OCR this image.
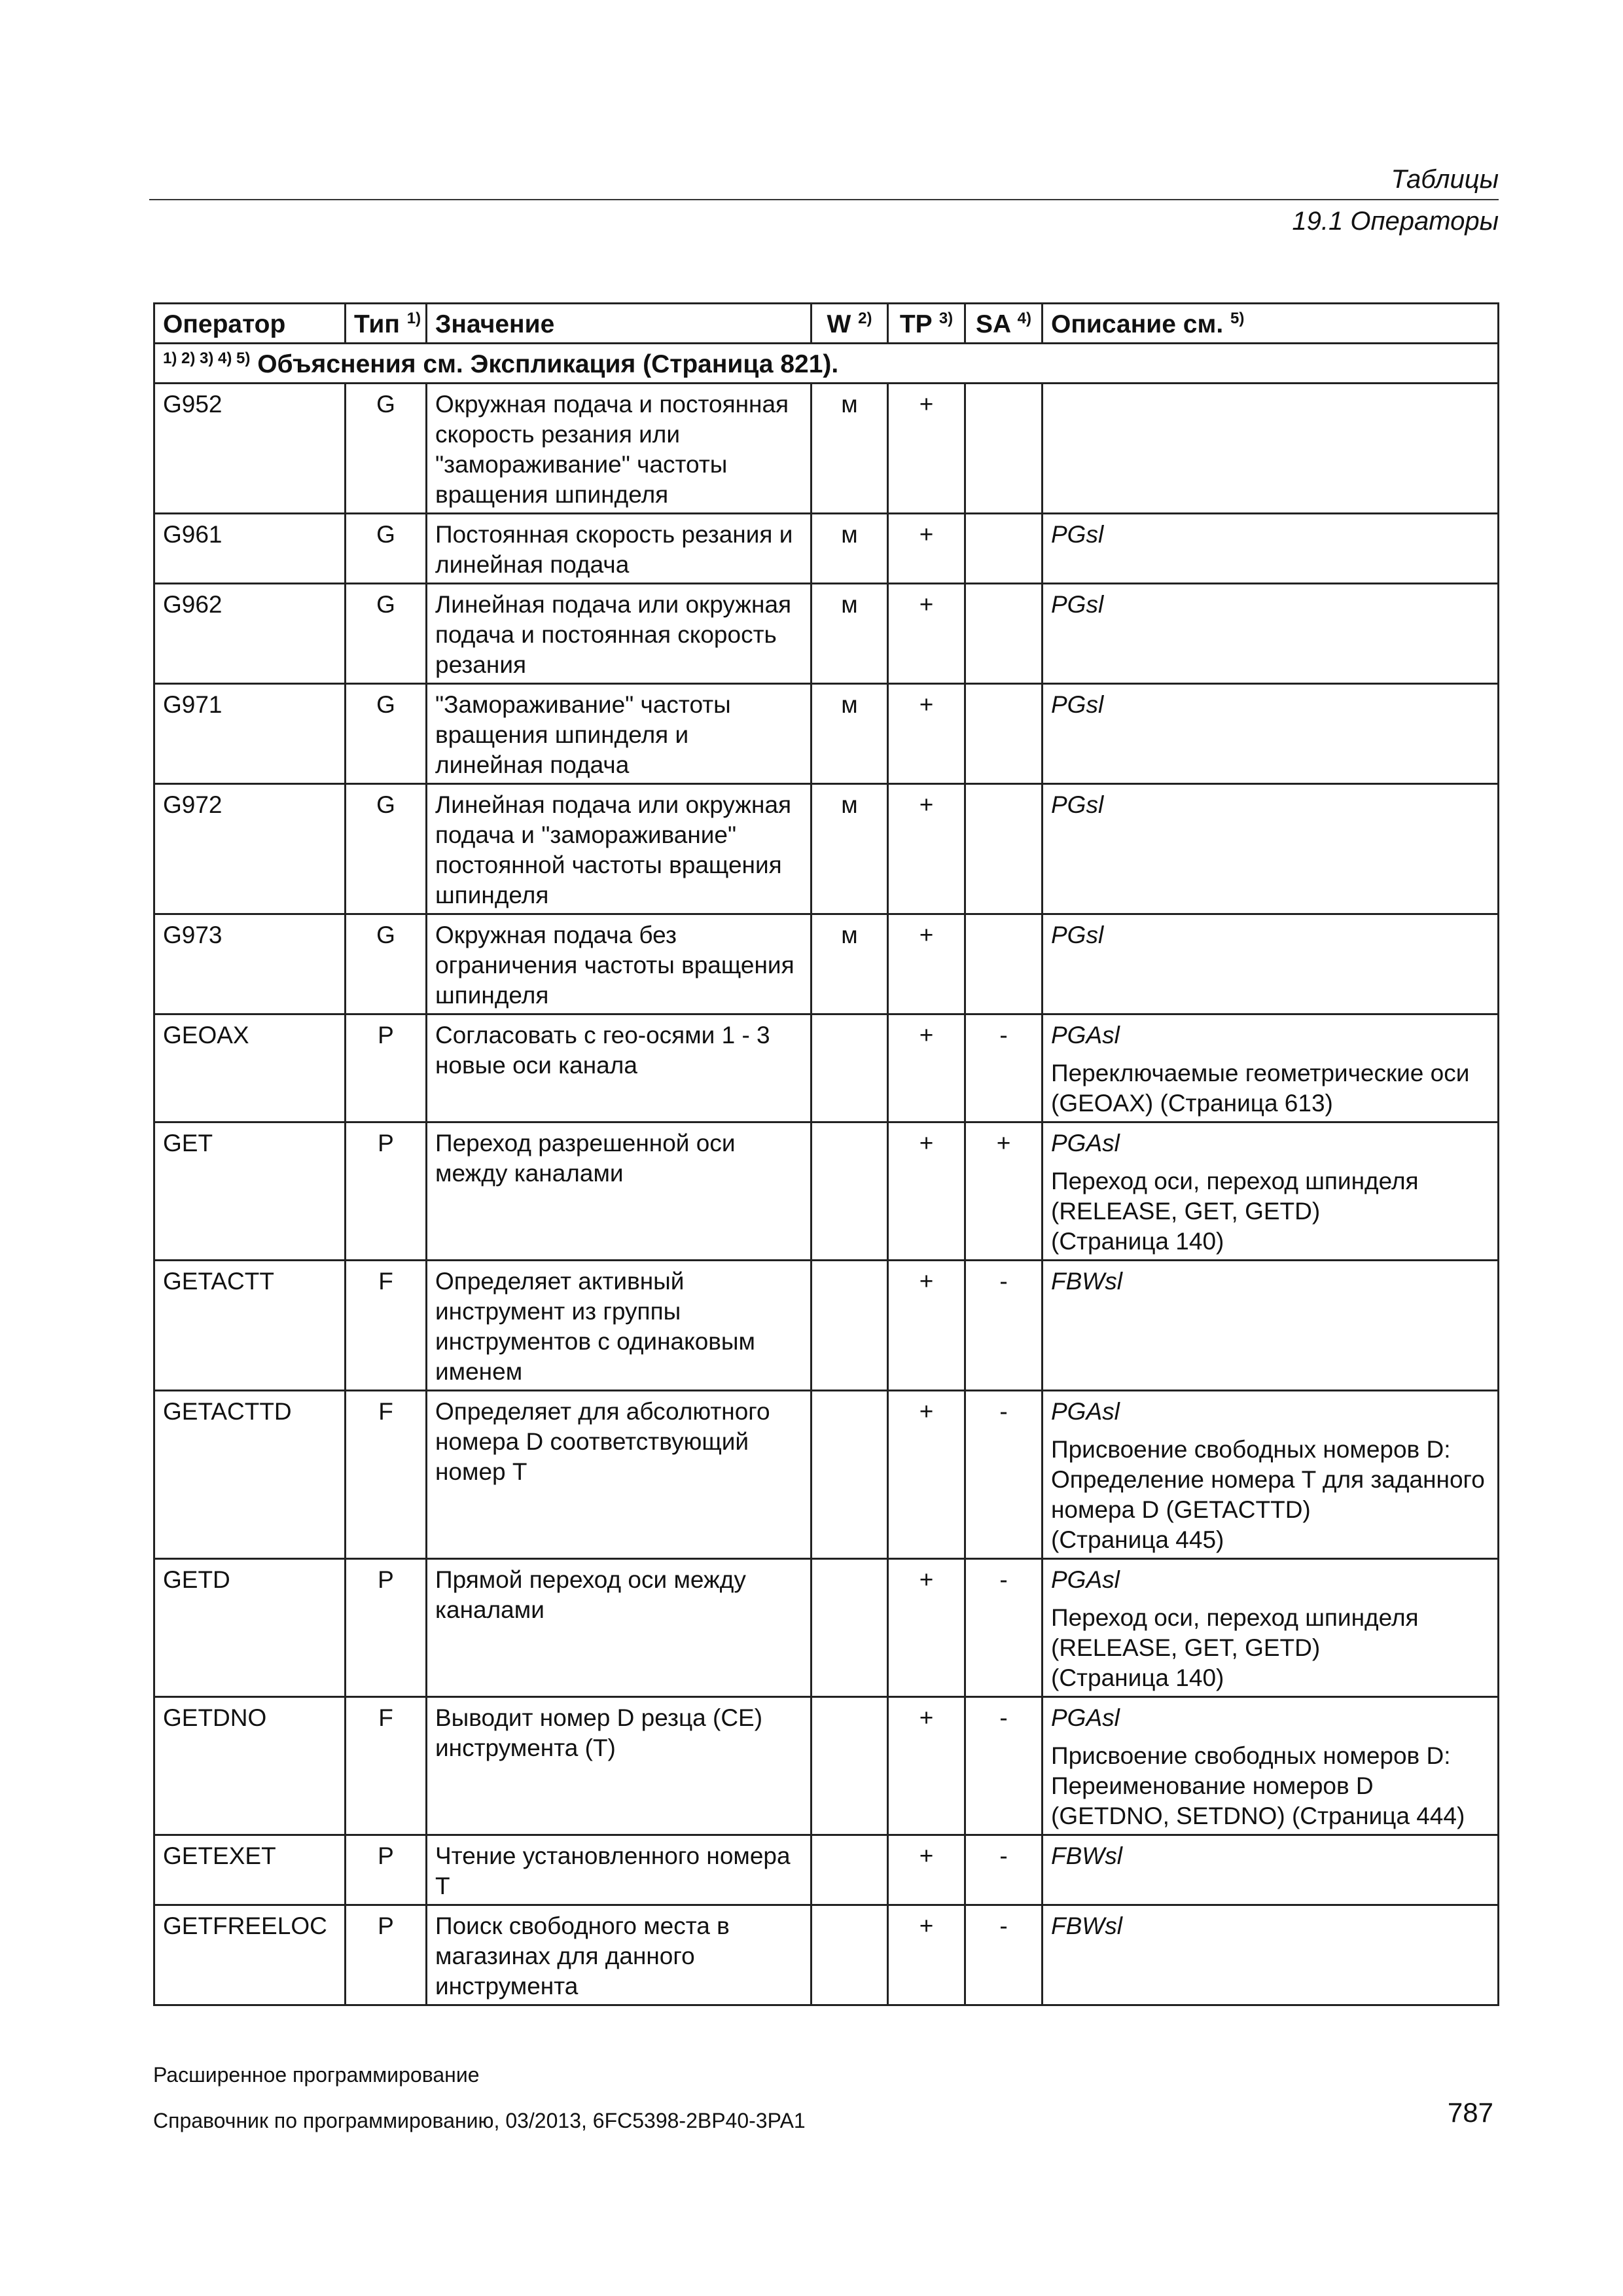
Таблицы
19.1 Операторы
Оператор	Тип $^{1)}$	Значение	W $^{2)}$	TP $^{3)}$	SA $^{4)}$	Описание см. $^{5)}$
$^{1) 2) 3) 4) 5)}$ Объяснения см. Экспликация (Страница 821).						
G952	G	Окружная подача и постоянная скорость резания или "замораживание" частоты вращения шпинделя	м	+		

G961	G	Постоянная скорость резания и линейная подача	м	+		PGsl

G962	G	Линейная подача или окружная подача и постоянная скорость резания	м	+		PGsl

G971	G	"Замораживание" частоты вращения шпинделя и линейная подача	м	+		PGsl

G972	G	Линейная подача или окружная подача и "замораживание" постоянной частоты вращения шпинделя	м	+		PGsl

G973	G	Окружная подача без ограничения частоты вращения шпинделя	м	+		PGsl

GEOAX	P	Согласовать с гео-осями 1 - 3 новые оси канала		+	-	PGAsl
Переключаемые геометрические оси
(GEOAX) (Страница 613)

GET	P	Переход разрешенной оси между каналами		+	+	PGAsl
Переход оси, переход шпинделя
(RELEASE, GET, GETD)
(Страница 140)

GETACTT	F	Определяет активный инструмент из группы инструментов с одинаковым именем		+	-	FBWsl

GETACTTD	F	Определяет для абсолютного номера D соответствующий номер T		+	-	PGAsl
Присвоение свободных номеров D:
Определение номера T для заданного
номера D (GETACTTD)
(Страница 445)

GETD	P	Прямой переход оси между каналами		+	-	PGAsl
Переход оси, переход шпинделя
(RELEASE, GET, GETD)
(Страница 140)

GETDNO	F	Выводит номер D резца (CE) инструмента (T)		+	-	PGAsl
Присвоение свободных номеров D:
Переименование номеров D
(GETDNO, SETDNO) (Страница 444)

GETEXET	P	Чтение установленного номера T		+	-	FBWsl

GETFREELOC	P	Поиск свободного места в магазинах для данного инструмента		+	-	FBWsl
Расширенное программирование
Справочник по программированию, 03/2013, 6FC5398-2BP40-3PA1	787
